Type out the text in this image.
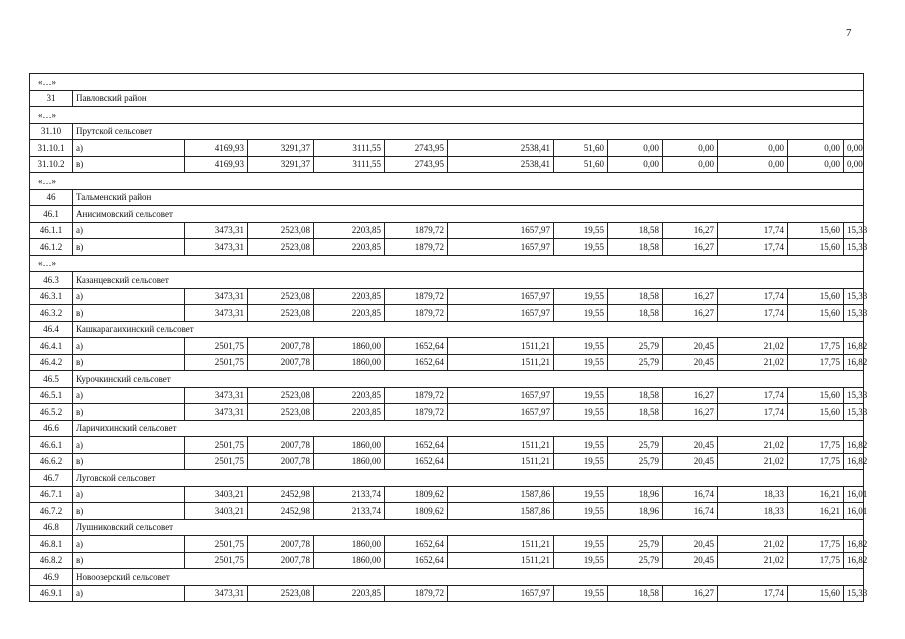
7
«…»													
31	Павловский район												
«…»													
31.10	Прутской сельсовет												
31.10.1	а)	4169,93	3291,37	3111,55	2743,95	2538,41	51,60	0,00	0,00	0,00	0,00	0,00	
31.10.2	в)	4169,93	3291,37	3111,55	2743,95	2538,41	51,60	0,00	0,00	0,00	0,00	0,00	
«…»													
46	Тальменский район												
46.1	Анисимовский сельсовет												
46.1.1	а)	3473,31	2523,08	2203,85	1879,72	1657,97	19,55	18,58	16,27	17,74	15,60	15,33	
46.1.2	в)	3473,31	2523,08	2203,85	1879,72	1657,97	19,55	18,58	16,27	17,74	15,60	15,33	
«…»													
46.3	Казанцевский сельсовет												
46.3.1	а)	3473,31	2523,08	2203,85	1879,72	1657,97	19,55	18,58	16,27	17,74	15,60	15,33	
46.3.2	в)	3473,31	2523,08	2203,85	1879,72	1657,97	19,55	18,58	16,27	17,74	15,60	15,33	
46.4	Кашкарагаихинский сельсовет												
46.4.1	а)	2501,75	2007,78	1860,00	1652,64	1511,21	19,55	25,79	20,45	21,02	17,75	16,82	
46.4.2	в)	2501,75	2007,78	1860,00	1652,64	1511,21	19,55	25,79	20,45	21,02	17,75	16,82	
46.5	Курочкинский сельсовет												
46.5.1	а)	3473,31	2523,08	2203,85	1879,72	1657,97	19,55	18,58	16,27	17,74	15,60	15,33	
46.5.2	в)	3473,31	2523,08	2203,85	1879,72	1657,97	19,55	18,58	16,27	17,74	15,60	15,33	
46.6	Ларичихинский сельсовет												
46.6.1	а)	2501,75	2007,78	1860,00	1652,64	1511,21	19,55	25,79	20,45	21,02	17,75	16,82	
46.6.2	в)	2501,75	2007,78	1860,00	1652,64	1511,21	19,55	25,79	20,45	21,02	17,75	16,82	
46.7	Луговской сельсовет												
46.7.1	а)	3403,21	2452,98	2133,74	1809,62	1587,86	19,55	18,96	16,74	18,33	16,21	16,01	
46.7.2	в)	3403,21	2452,98	2133,74	1809,62	1587,86	19,55	18,96	16,74	18,33	16,21	16,01	
46.8	Лушниковский сельсовет												
46.8.1	а)	2501,75	2007,78	1860,00	1652,64	1511,21	19,55	25,79	20,45	21,02	17,75	16,82	
46.8.2	в)	2501,75	2007,78	1860,00	1652,64	1511,21	19,55	25,79	20,45	21,02	17,75	16,82	
46.9	Новоозерский сельсовет												
46.9.1	а)	3473,31	2523,08	2203,85	1879,72	1657,97	19,55	18,58	16,27	17,74	15,60	15,33	
